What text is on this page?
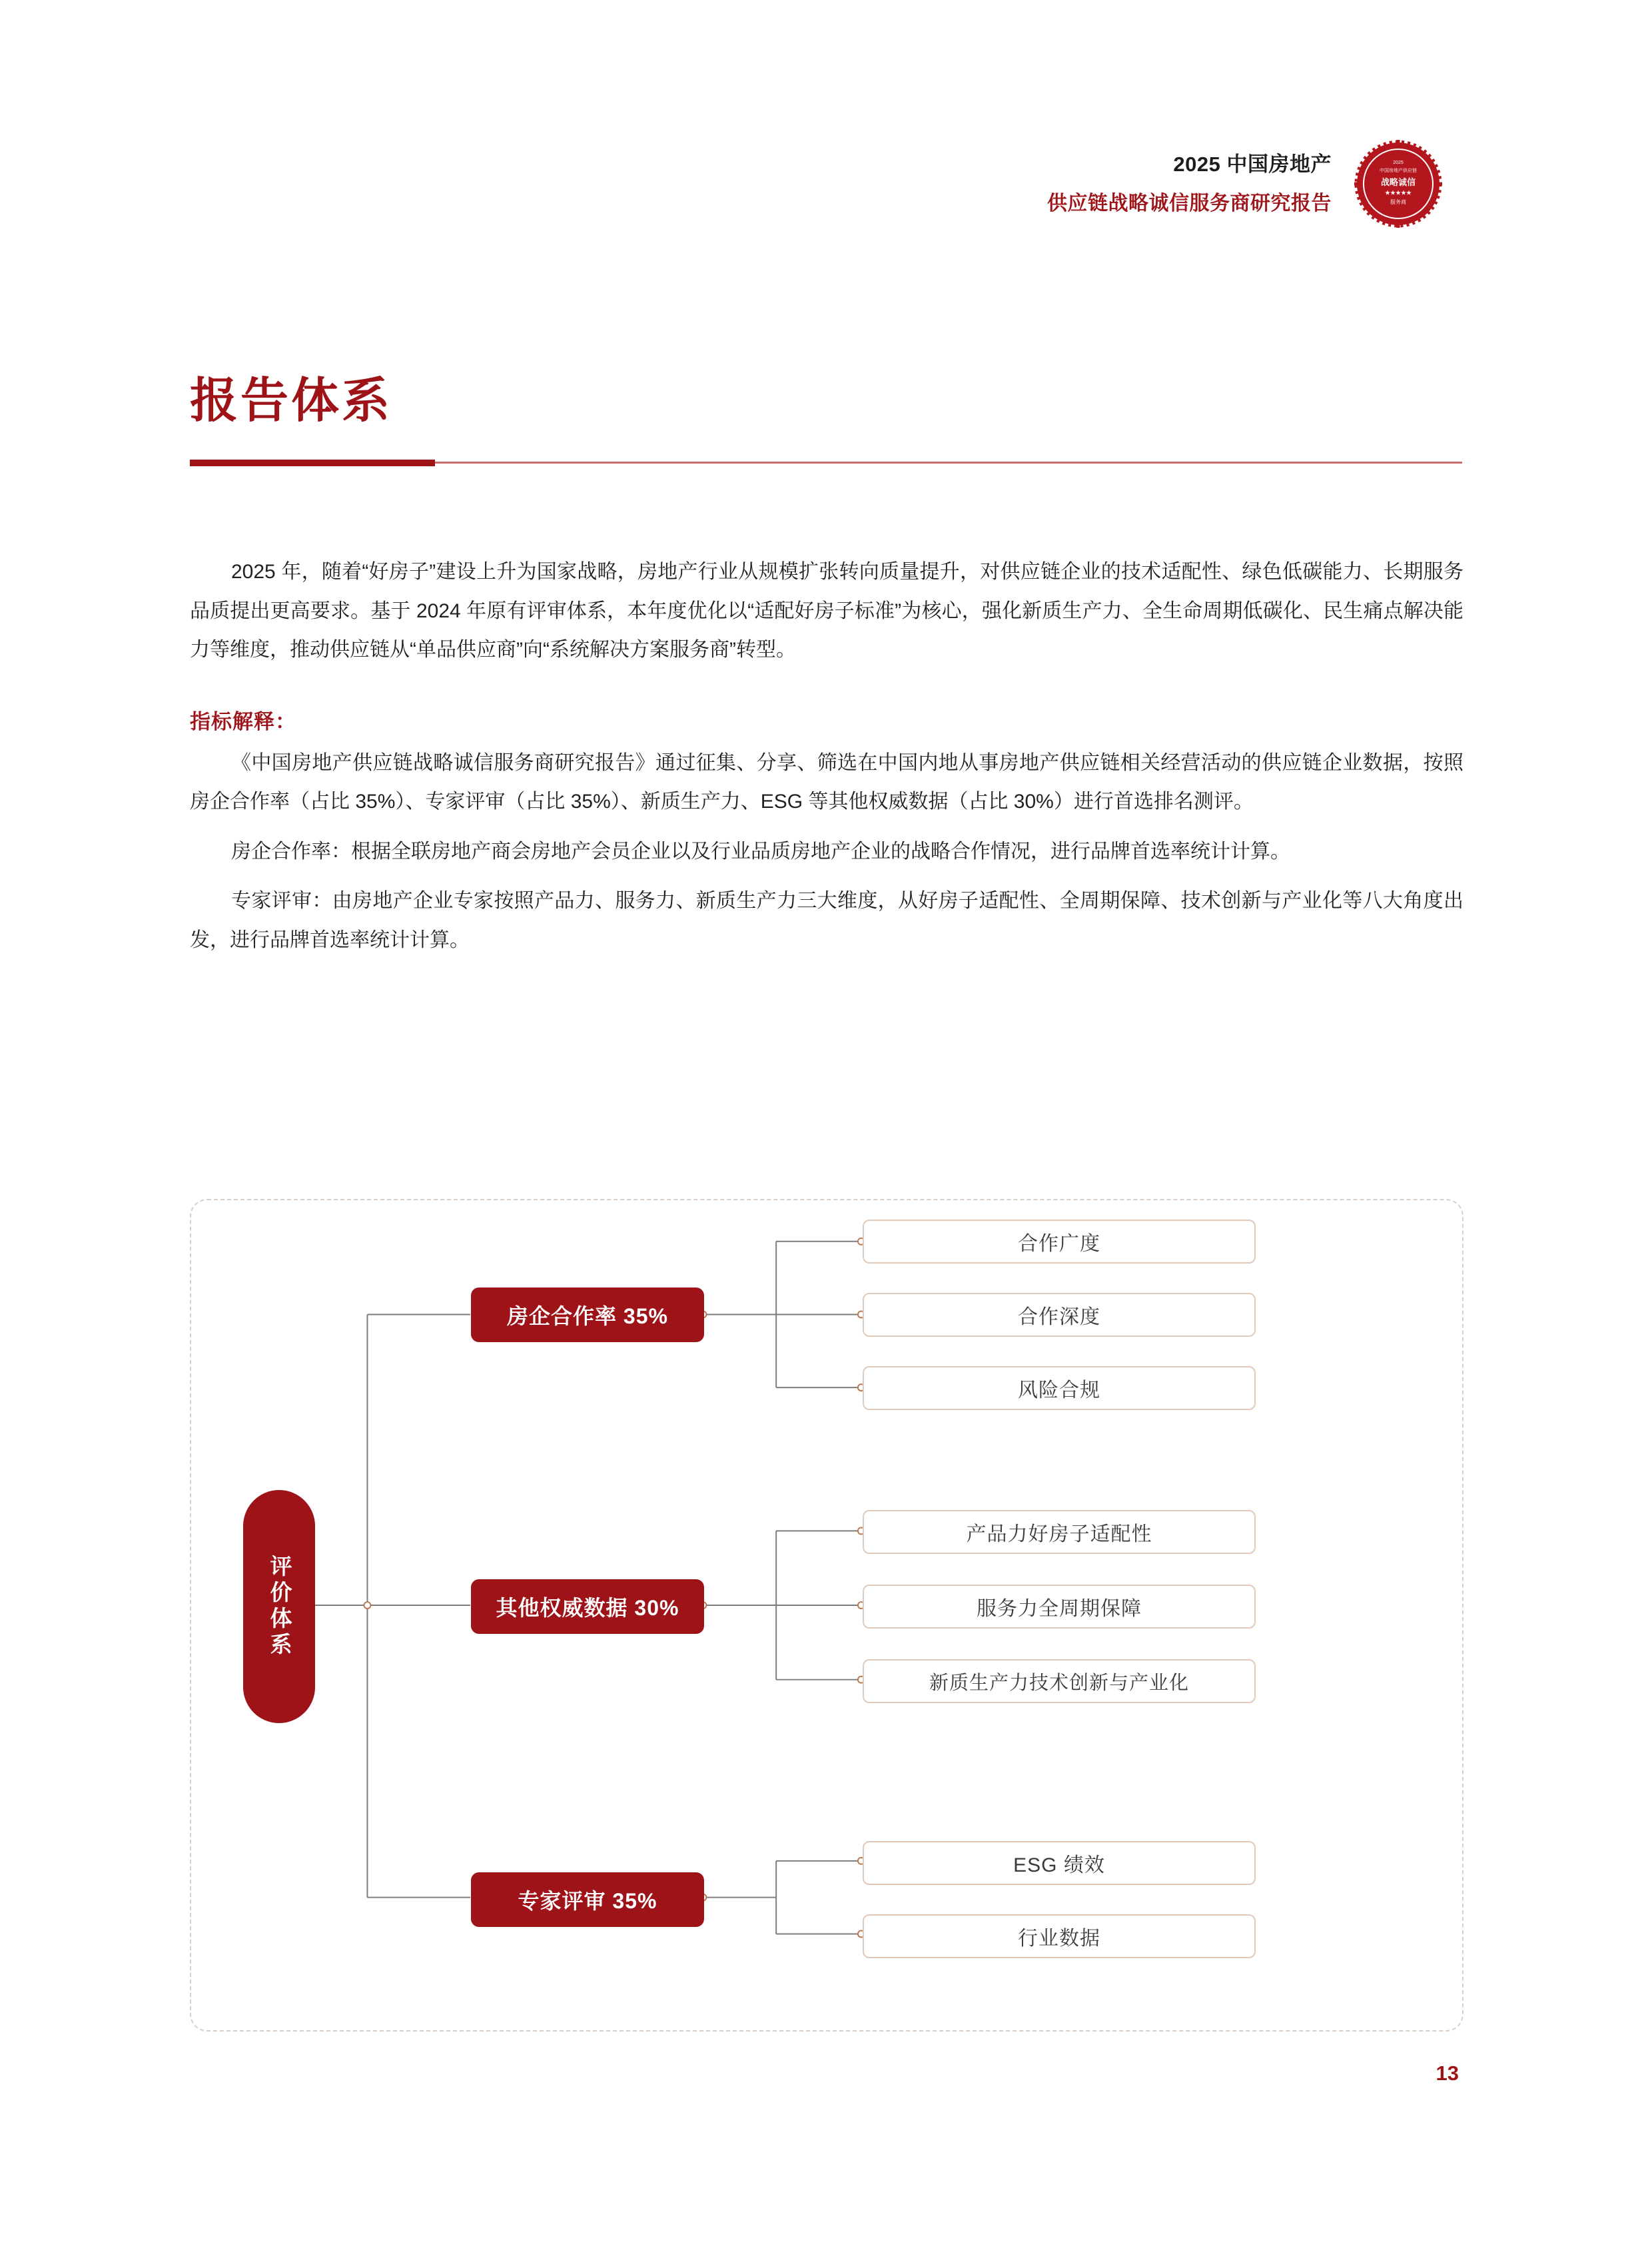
2025 中国房地产
供应链战略诚信服务商研究报告
2025
中国房地产供应链
战略诚信
★★★★★
服务商
报告体系

2025 年，随着“好房子”建设上升为国家战略，房地产行业从规模扩张转向质量提升，对供应链企业的技术适配性、绿色低碳能力、长期服务品质提出更高要求。基于 2024 年原有评审体系，本年度优化以“适配好房子标准”为核心，强化新质生产力、全生命周期低碳化、民生痛点解决能力等维度，推动供应链从“单品供应商”向“系统解决方案服务商”转型。

指标解释：

《中国房地产供应链战略诚信服务商研究报告》通过征集、分享、筛选在中国内地从事房地产供应链相关经营活动的供应链企业数据，按照房企合作率（占比 35%）、专家评审（占比 35%）、新质生产力、ESG 等其他权威数据（占比 30%）进行首选排名测评。

房企合作率：根据全联房地产商会房地产会员企业以及行业品质房地产企业的战略合作情况，进行品牌首选率统计计算。

专家评审：由房地产企业专家按照产品力、服务力、新质生产力三大维度，从好房子适配性、全周期保障、技术创新与产业化等八大角度出发，进行品牌首选率统计计算。

评价体系
房企合作率 35%
其他权威数据 30%
专家评审 35%
合作广度
合作深度
风险合规
产品力好房子适配性
服务力全周期保障
新质生产力技术创新与产业化
ESG 绩效
行业数据
13
